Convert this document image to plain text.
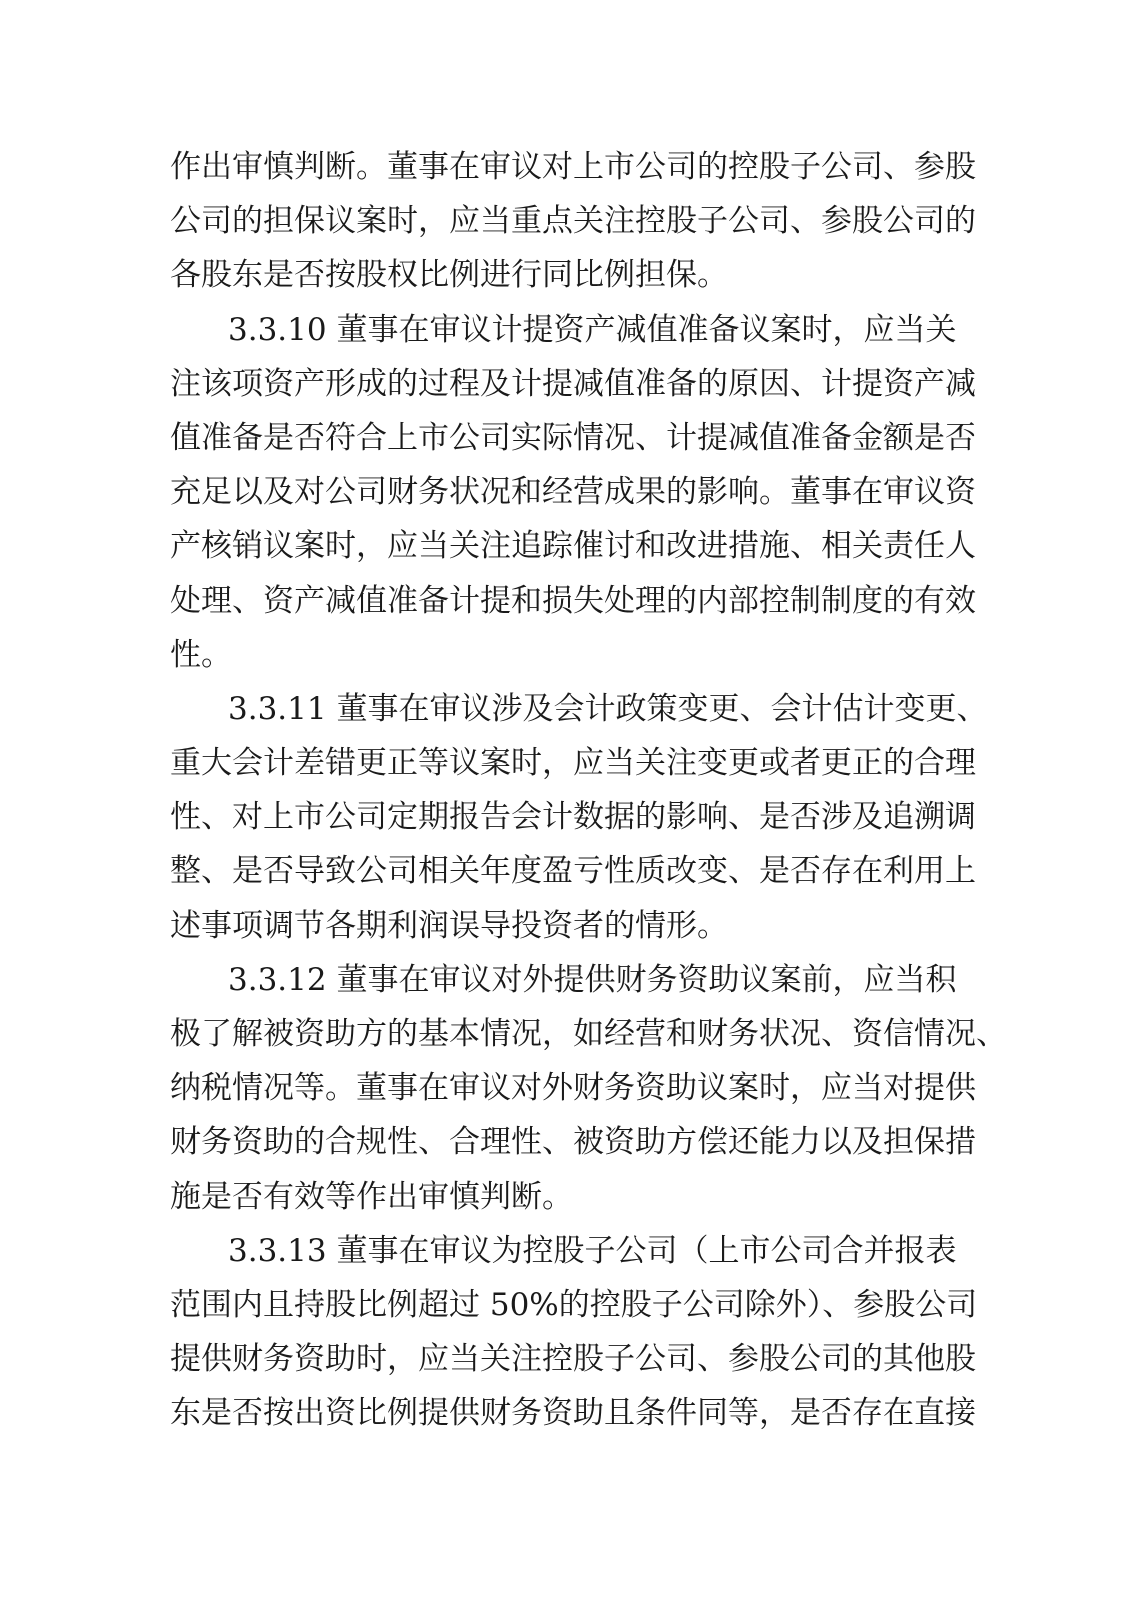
作出审慎判断。董事在审议对上市公司的控股子公司、参股
公司的担保议案时，应当重点关注控股子公司、参股公司的
各股东是否按股权比例进行同比例担保。
3.3.10 董事在审议计提资产减值准备议案时，应当关
注该项资产形成的过程及计提减值准备的原因、计提资产减
值准备是否符合上市公司实际情况、计提减值准备金额是否
充足以及对公司财务状况和经营成果的影响。董事在审议资
产核销议案时，应当关注追踪催讨和改进措施、相关责任人
处理、资产减值准备计提和损失处理的内部控制制度的有效
性。
3.3.11 董事在审议涉及会计政策变更、会计估计变更、
重大会计差错更正等议案时，应当关注变更或者更正的合理
性、对上市公司定期报告会计数据的影响、是否涉及追溯调
整、是否导致公司相关年度盈亏性质改变、是否存在利用上
述事项调节各期利润误导投资者的情形。
3.3.12 董事在审议对外提供财务资助议案前，应当积
极了解被资助方的基本情况，如经营和财务状况、资信情况、
纳税情况等。董事在审议对外财务资助议案时，应当对提供
财务资助的合规性、合理性、被资助方偿还能力以及担保措
施是否有效等作出审慎判断。
3.3.13 董事在审议为控股子公司（上市公司合并报表
范围内且持股比例超过 50%的控股子公司除外）、参股公司
提供财务资助时，应当关注控股子公司、参股公司的其他股
东是否按出资比例提供财务资助且条件同等，是否存在直接
